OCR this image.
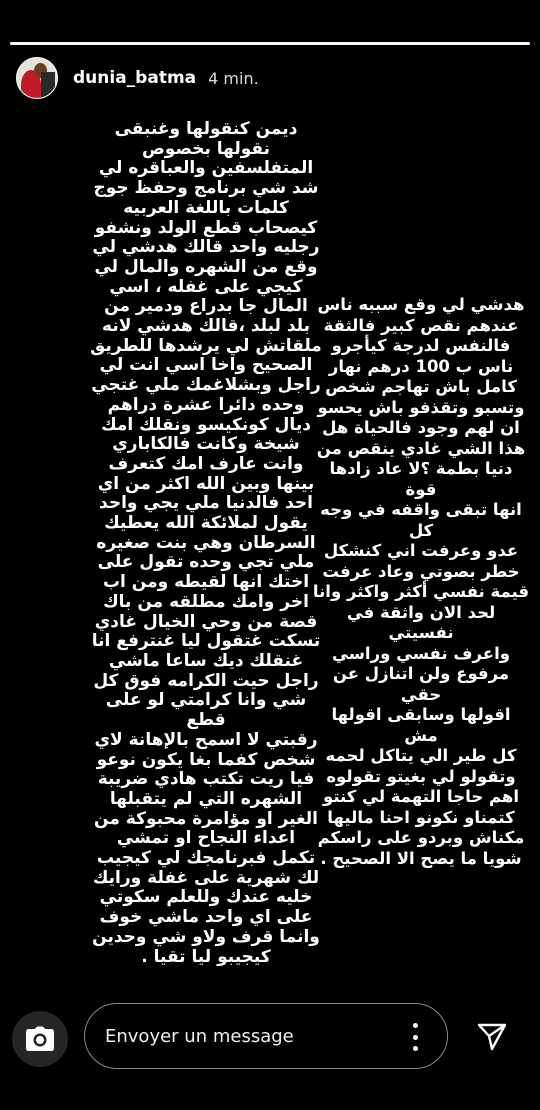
dunia_batma 4 min.

ديمن كنقولها وغنبقى
نقولها بخصوص
المتفلسفين والعباقره لي
شد شي برنامج وحفظ جوج
كلمات باللغة العربيه
كيصحاب قطع الولد ونشفو
رجليه واحد قالك هدشي لي
وقع من الشهره والمال لي
كيجي على غفله ، اسي
المال جا بدراع ودمير من
بلد لبلد ،قالك هدشي لانه
ملقاتش لي يرشدها للطريق
الصحيح واخا اسي انت لي
راجل وبشلاغمك ملي غتجي
وحده دائرا عشرة دراهم
ديال كونكيسو ونقلك امك
شيخة وكانت فالكاباري
وانت عارف امك كتعرف
بينها وبين الله اكثر من اي
احد فالدنيا ملي يجي واحد
يقول لملائكة الله يعطيك
السرطان وهي بنت صغيره
ملي تجي وحده تقول على
اختك انها لقيطه ومن اب
اخر وامك مطلقه من باك
قصة من وحي الخيال غادي
تسكت غتقول ليا غنترفع انا
غنقلك ديك ساعا ماشي
راجل حيت الكرامه فوق كل
شي وانا كرامتي لو على قطع
رقبتي لا اسمح بالإهانة لاي
شخص كفما بغا يكون نوعو
فيا ريت تكتب هادي ضريبة
الشهره التي لم يتقبلها
الغير او مؤامرة محبوكة من
اعداء النجاح او تمشي
تكمل فبرنامجك لي كيجيب
لك شهرية على غفلة ورايك
خليه عندك وللعلم سكوتي
على اي واحد ماشي خوف
وانما قرف ولاو شي وحدين
كيجيبو ليا تقيا .

هدشي لي وقع سببه ناس
عندهم نقص كبير فالثقة
فالنفس لدرجة كيأجرو
ناس ب 100 درهم نهار
كامل باش تهاجم شخص
وتسبو وتقذفو باش يحسو
ان لهم وجود فالحياة هل
هذا الشي غادي ينقص من
دنيا بطمة ؟لا عاد زادها قوة
انها تبقى واقفه في وجه كل
عدو وعرفت اني كنشكل
خطر بصوتي وعاد عرفت
قيمة نفسي أكثر واكثر وانا
لحد الان واثقة في نفسيتي
واعرف نفسي وراسي
مرفوع ولن اتنازل عن حقي
اقولها وسابقى اقولها مش
كل طير الي يتاكل لحمه
وتقولو لي بغيتو تقولوه
اهم حاجا التهمة لي كنتو
كتمناو نكونو احنا ماليها
مكناش وبردو على راسكم
شويا ما يصح الا الصحيح .

Envoyer un message
